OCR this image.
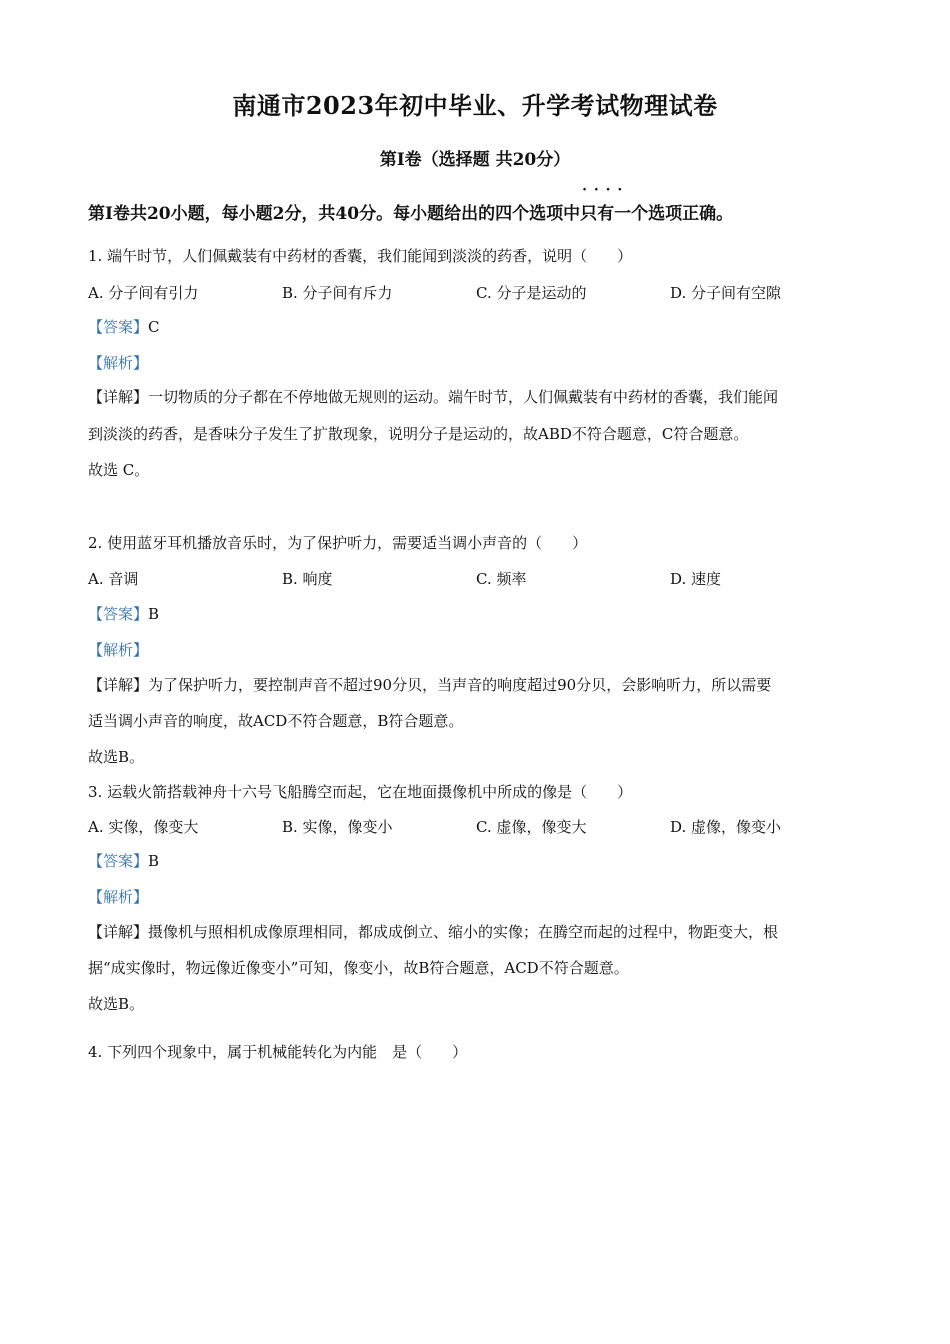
南通市2023年初中毕业、升学考试物理试卷
第Ⅰ卷（选择题 共20分）
第Ⅰ卷共20小题，每小题2分，共40分。每小题给出的四个选项中· · · · 只有一个选项正确。
1. 端午时节，人们佩戴装有中药材的香囊，我们能闻到淡淡的药香，说明（　　）
A. 分子间有引力	B. 分子间有斥力	C. 分子是运动的	D. 分子间有空隙
【答案】C
【解析】
【详解】一切物质的分子都在不停地做无规则的运动。端午时节，人们佩戴装有中药材的香囊，我们能闻
到淡淡的药香，是香味分子发生了扩散现象，说明分子是运动的，故ABD不符合题意，C符合题意。
故选 C。
2. 使用蓝牙耳机播放音乐时，为了保护听力，需要适当调小声音的（　　）
A. 音调	B. 响度	C. 频率	D. 速度
【答案】B
【解析】
【详解】为了保护听力，要控制声音不超过90分贝，当声音的响度超过90分贝，会影响听力，所以需要
适当调小声音的响度，故ACD不符合题意，B符合题意。
故选B。
3. 运载火箭搭载神舟十六号飞船腾空而起，它在地面摄像机中所成的像是（　　）
A. 实像，像变大	B. 实像，像变小	C. 虚像，像变大	D. 虚像，像变小
【答案】B
【解析】
【详解】摄像机与照相机成像原理相同，都成成倒立、缩小的实像；在腾空而起的过程中，物距变大，根
据“成实像时，物远像近像变小”可知，像变小，故B符合题意，ACD不符合题意。
故选B。
4. 下列四个现象中，属于机械能转化为内能　是（　　）
